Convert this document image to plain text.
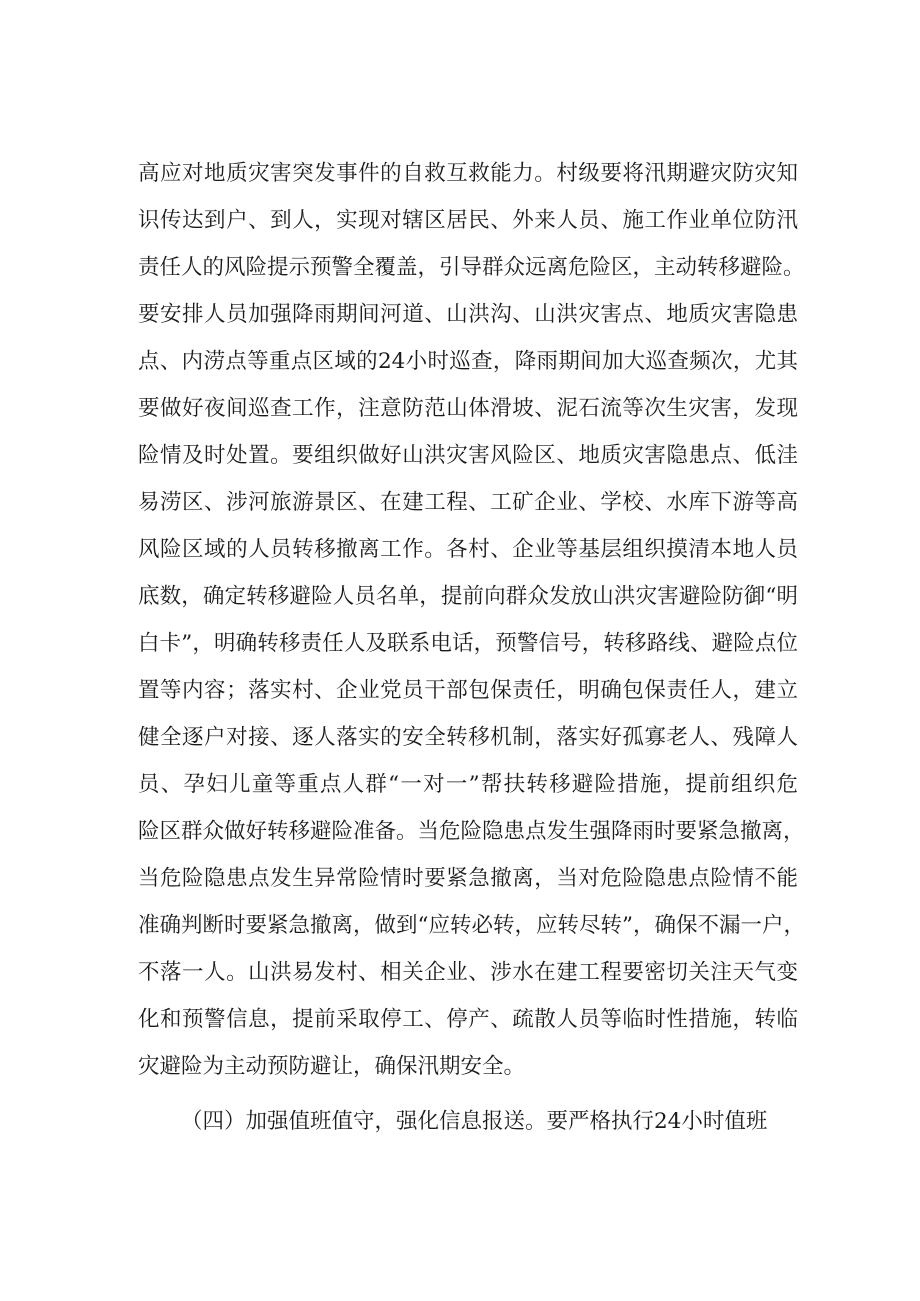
高应对地质灾害突发事件的自救互救能力。村级要将汛期避灾防灾知
识传达到户、到人，实现对辖区居民、外来人员、施工作业单位防汛
责任人的风险提示预警全覆盖，引导群众远离危险区，主动转移避险。
要安排人员加强降雨期间河道、山洪沟、山洪灾害点、地质灾害隐患
点、内涝点等重点区域的24小时巡查，降雨期间加大巡查频次，尤其
要做好夜间巡查工作，注意防范山体滑坡、泥石流等次生灾害，发现
险情及时处置。要组织做好山洪灾害风险区、地质灾害隐患点、低洼
易涝区、涉河旅游景区、在建工程、工矿企业、学校、水库下游等高
风险区域的人员转移撤离工作。各村、企业等基层组织摸清本地人员
底数，确定转移避险人员名单，提前向群众发放山洪灾害避险防御“明
白卡”，明确转移责任人及联系电话，预警信号，转移路线、避险点位
置等内容；落实村、企业党员干部包保责任，明确包保责任人，建立
健全逐户对接、逐人落实的安全转移机制，落实好孤寡老人、残障人
员、孕妇儿童等重点人群“一对一”帮扶转移避险措施，提前组织危
险区群众做好转移避险准备。当危险隐患点发生强降雨时要紧急撤离，
当危险隐患点发生异常险情时要紧急撤离，当对危险隐患点险情不能
准确判断时要紧急撤离，做到“应转必转，应转尽转”，确保不漏一户，
不落一人。山洪易发村、相关企业、涉水在建工程要密切关注天气变
化和预警信息，提前采取停工、停产、疏散人员等临时性措施，转临
灾避险为主动预防避让，确保汛期安全。
（四）加强值班值守，强化信息报送。要严格执行24小时值班
